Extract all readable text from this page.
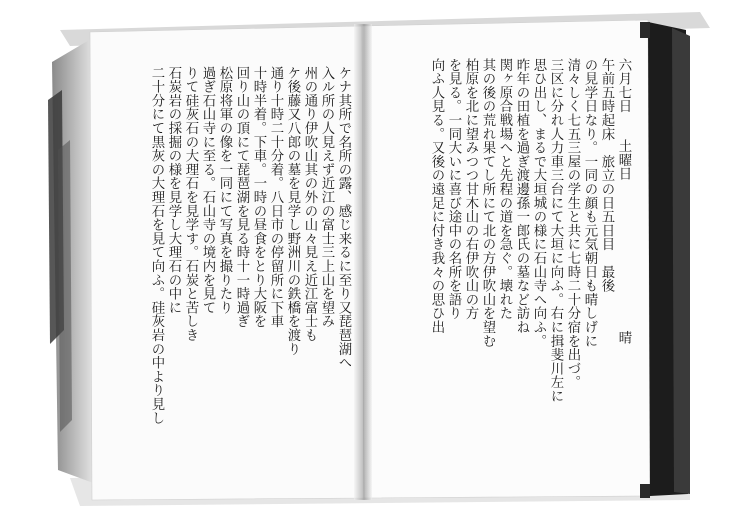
六月七日土曜日晴
午前五時起床　旅立の日五日目　最後
の見学日なり。一同の顔も元気朝日も晴しげに
清々しく七五三屋の学生と共に七時二十分宿を出づ。
三区に分れ人力車三台にて大垣に向ふ。右に揖斐川左に
思ひ出し、まるで大垣城の様に石山寺へ向ふ。
昨年の田植を過ぎ渡邊孫一郎氏の墓など訪ね
関ヶ原合戦場へと先程の道を急ぐ。壊れた
其の後の荒れ果てし所にて北の方伊吹山を望む
柏原を北に望みつつ甘木山の右伊吹山の方
を見る。一同大いに喜び途中の名所を語り
向ふ人見る。又後の遠足に付き我々の思ひ出
ケナ其所で名所の露、感じ来るに至り又琵琶湖へ
入ル所の人見えず近江の富士三上山を望み
州の通り伊吹山其の外の山々見え近江富士も
ケ後藤又八郎の墓を見学し野洲川の鉄橋を渡り
通り十時二十分着。八日市の停留所に下車
十時半着。下車。一時の昼食をとり大阪を
回り山の頂にて琵琶湖を見る時十一時過ぎ
松原将軍の像を一同にて写真を撮りたり
過ぎ石山寺に至る。石山寺の境内を見て
りて硅灰石の大理石を見学す。石炭と苦しき
石炭岩の採掘の様を見学し大理石の中に
二十分にて黒灰の大理石を見て向ふ。硅灰岩の中より見し
